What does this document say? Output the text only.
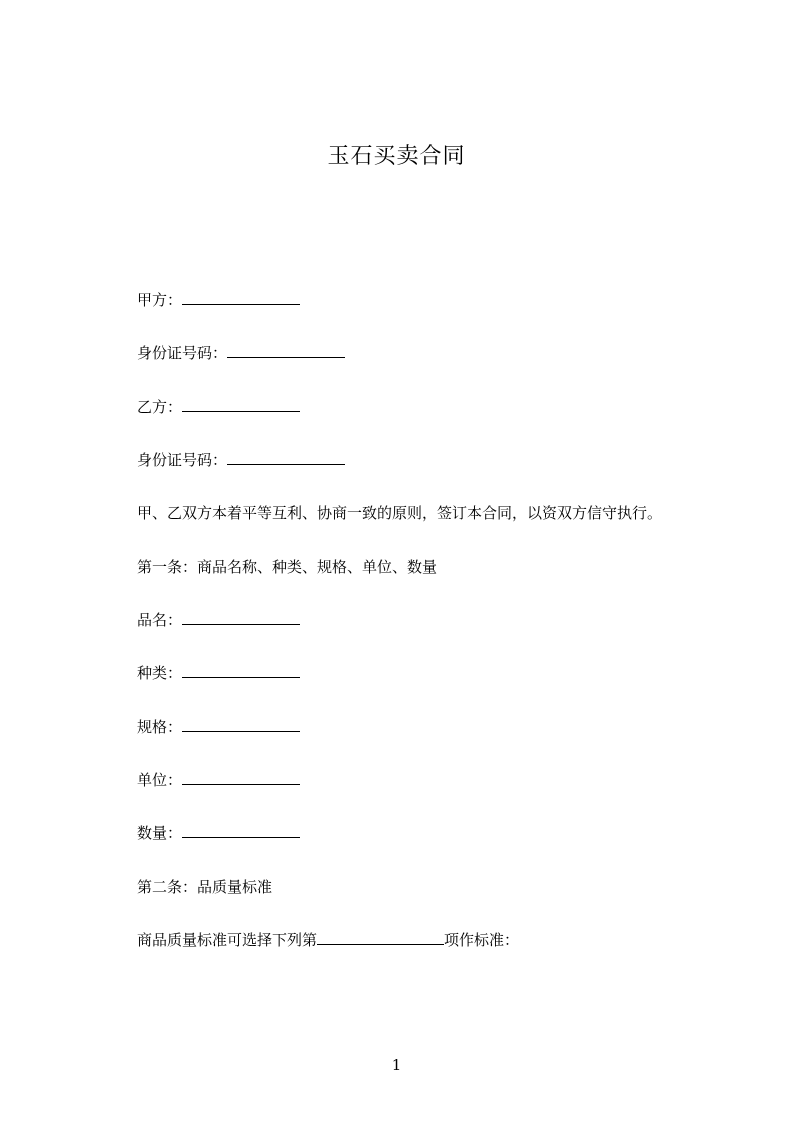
玉石买卖合同
甲方：
身份证号码：
乙方：
身份证号码：
甲、乙双方本着平等互利、协商一致的原则，签订本合同，以资双方信守执行。
第一条：商品名称、种类、规格、单位、数量
品名：
种类：
规格：
单位：
数量：
第二条：品质量标准
商品质量标准可选择下列第	项作标准：
1
